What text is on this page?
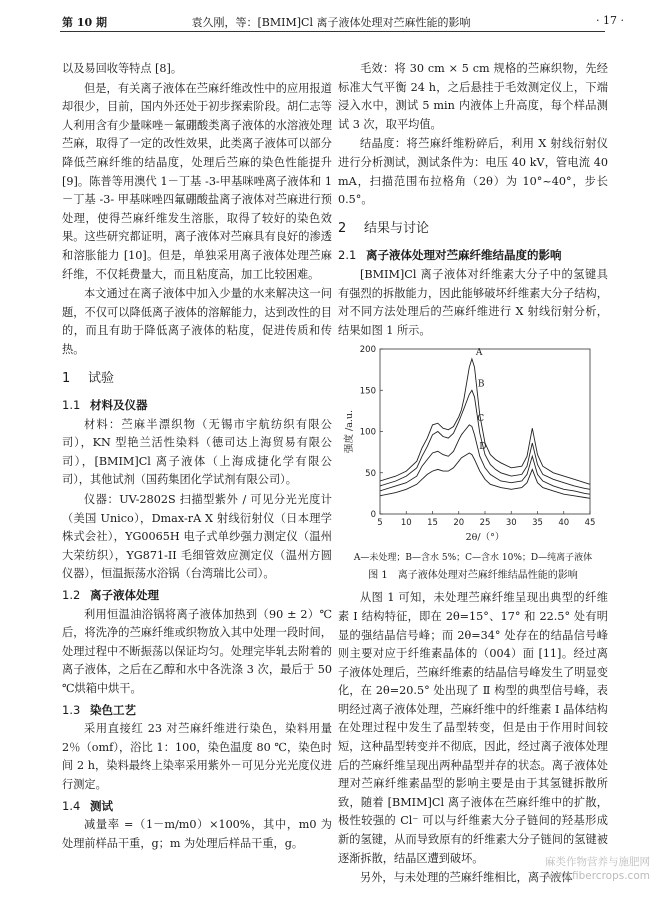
第 10 期	袁久刚，等：[BMIM]Cl 离子液体处理对苎麻性能的影响	· 17 ·

以及易回收等特点 [8]。

但是，有关离子液体在苎麻纤维改性中的应用报道却很少，目前，国内外还处于初步探索阶段。胡仁志等人利用含有少量咪唑－氟硼酸类离子液体的水溶液处理苎麻，取得了一定的改性效果，此类离子液体可以部分降低苎麻纤维的结晶度，处理后苎麻的染色性能提升 [9]。陈普等用澳代 1－丁基 -3-甲基咪唑离子液体和 1－丁基 -3- 甲基咪唑四氟硼酸盐离子液体对苎麻进行预处理，使得苎麻纤维发生溶胀，取得了较好的染色效果。这些研究都证明，离子液体对苎麻具有良好的渗透和溶胀能力 [10]。但是，单独采用离子液体处理苎麻纤维，不仅耗费量大，而且粘度高，加工比较困难。

本文通过在离子液体中加入少量的水来解决这一问题，不仅可以降低离子液体的溶解能力，达到改性的目的，而且有助于降低离子液体的粘度，促进传质和传热。

1 试验
1.1 材料及仪器

材料：苎麻半漂织物（无锡市宇航纺织有限公司），KN 型艳兰活性染料（德司达上海贸易有限公司），[BMIM]Cl 离子液体（上海成捷化学有限公司），其他试剂（国药集团化学试剂有限公司）。

仪器：UV-2802S 扫描型紫外 / 可见分光光度计（美国 Unico），Dmax-rA X 射线衍射仪（日本理学株式会社），YG0065H 电子式单纱强力测定仪（温州大荣纺织），YG871-II 毛细管效应测定仪（温州方圆仪器），恒温振荡水浴锅（台湾瑞比公司）。

1.2 离子液体处理

利用恒温油浴锅将离子液体加热到（90 ± 2）℃后，将洗净的苎麻纤维或织物放入其中处理一段时间，处理过程中不断振荡以保证均匀。处理完毕轧去附着的离子液体，之后在乙醇和水中各洗涤 3 次，最后于 50 ℃烘箱中烘干。

1.3 染色工艺

采用直接红 23 对苎麻纤维进行染色，染料用量 2％（omf），浴比 1：100，染色温度 80 ℃，染色时间 2 h，染料最终上染率采用紫外－可见分光光度仪进行测定。

1.4 测试

减量率 =（1－m/m0）×100%，其中，m0 为处理前样品干重，g；m 为处理后样品干重，g。

毛效：将 30 cm × 5 cm 规格的苎麻织物，先经标准大气平衡 24 h，之后悬挂于毛效测定仪上，下端浸入水中，测试 5 min 内液体上升高度，每个样品测试 3 次，取平均值。

结晶度：将苎麻纤维粉碎后，利用 X 射线衍射仪进行分析测试，测试条件为：电压 40 kV，管电流 40 mA，扫描范围布拉格角（2θ）为 10°~40°，步长 0.5°。

2 结果与讨论
2.1 离子液体处理对苎麻纤维结晶度的影响

[BMIM]Cl 离子液体对纤维素大分子中的氢键具有强烈的拆散能力，因此能够破坏纤维素大分子结构，对不同方法处理后的苎麻纤维进行 X 射线衍射分析，结果如图 1 所示。

5 10 15 20 25 30 35 40 45
0
50
100
150
200
2θ/（°）
强度 /a.u.
A
B
C
D

A—未处理；B—含水 5%；C—含水 10%；D—纯离子液体

图 1　离子液体处理对苎麻纤维结晶性能的影响

从图 1 可知，未处理苎麻纤维呈现出典型的纤维素 Ⅰ 结构特征，即在 2θ=15°、17° 和 22.5° 处有明显的强结晶信号峰；而 2θ=34° 处存在的结晶信号峰则主要对应于纤维素晶体的（004）面 [11]。经过离子液体处理后，苎麻纤维素的结晶信号峰发生了明显变化，在 2θ=20.5° 处出现了 Ⅱ 构型的典型信号峰，表明经过离子液体处理，苎麻纤维中的纤维素 Ⅰ 晶体结构在处理过程中发生了晶型转变，但是由于作用时间较短，这种晶型转变并不彻底，因此，经过离子液体处理后的苎麻纤维呈现出两种晶型并存的状态。离子液体处理对苎麻纤维素晶型的影响主要是由于其氢键拆散所致，随着 [BMIM]Cl 离子液体在苎麻纤维中的扩散，极性较强的 Cl⁻ 可以与纤维素大分子链间的羟基形成新的氢键，从而导致原有的纤维素大分子链间的氢键被逐渐拆散，结晶区遭到破坏。

另外，与未处理的苎麻纤维相比，离子液体

麻类作物营养与施肥网
www.fibercrops.com
